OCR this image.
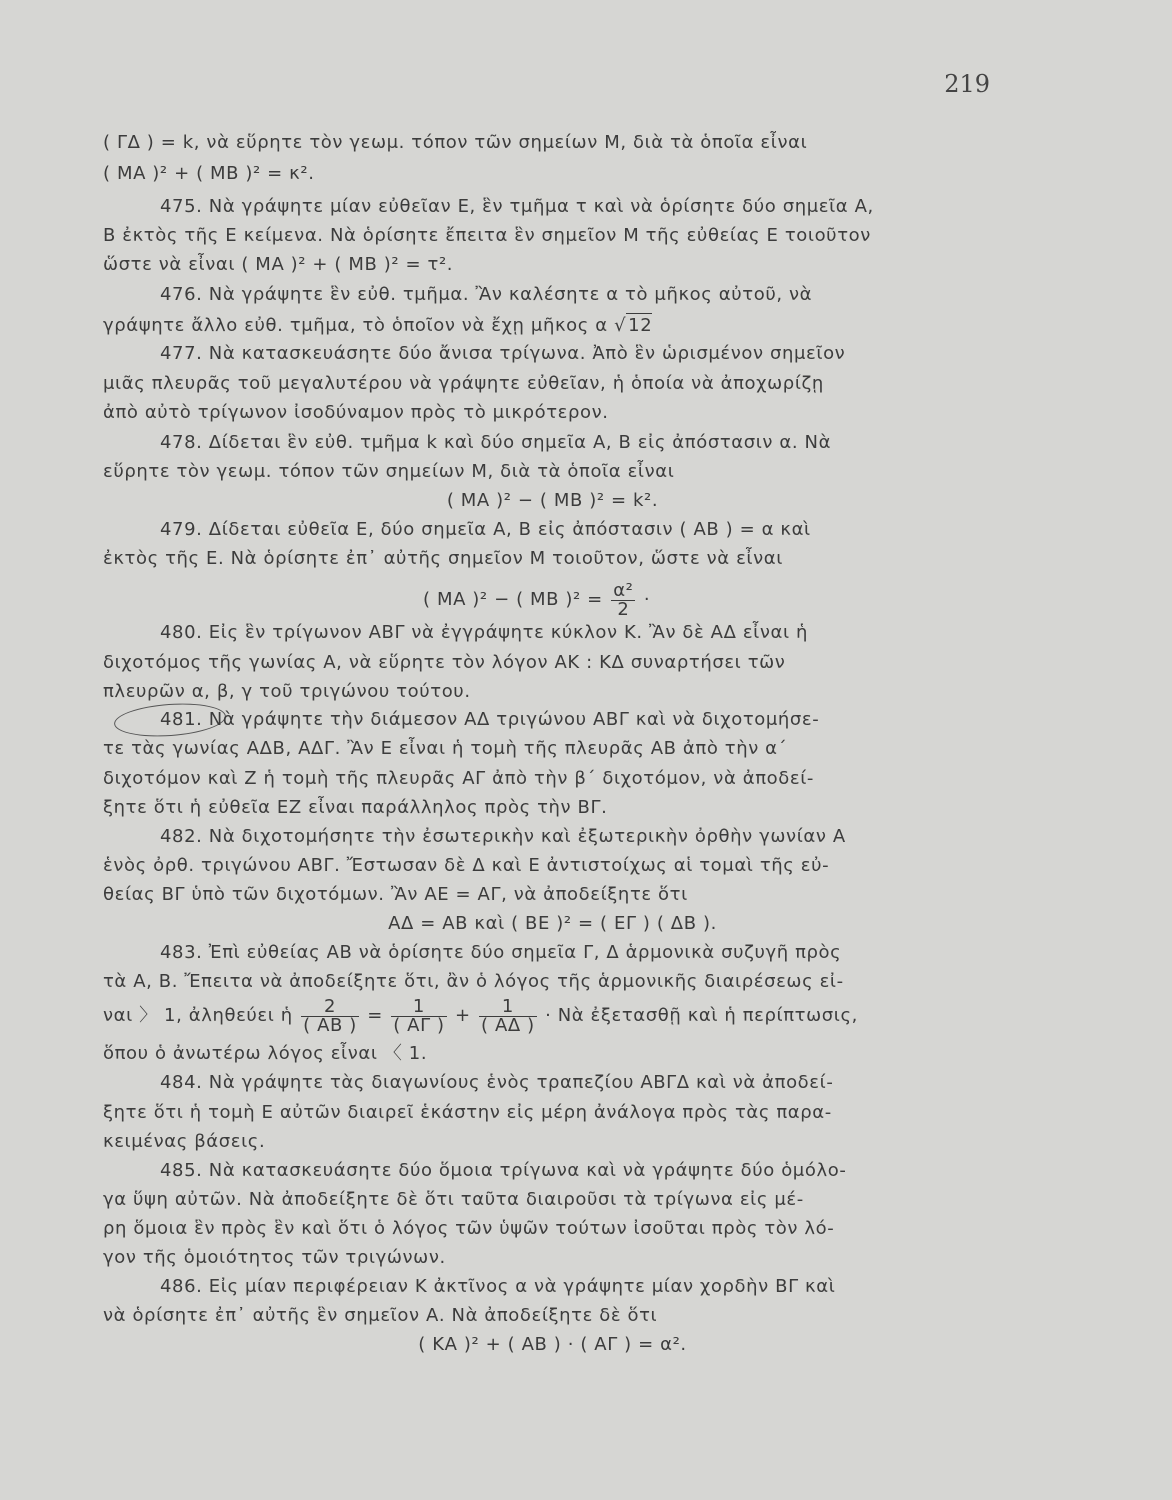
219
( ΓΔ ) = k, νὰ εὕρητε τὸν γεωμ. τόπον τῶν σημείων Μ, διὰ τὰ ὁποῖα εἶναι
( ΜΑ )² + ( ΜΒ )² = κ².
475. Νὰ γράψητε μίαν εὐθεῖαν Ε, ἓν τμῆμα τ καὶ νὰ ὁρίσητε δύο σημεῖα Α,
Β ἐκτὸς τῆς Ε κείμενα. Νὰ ὁρίσητε ἔπειτα ἓν σημεῖον Μ τῆς εὐθείας Ε τοιοῦτον
ὥστε νὰ εἶναι ( ΜΑ )² + ( ΜΒ )² = τ².
476. Νὰ γράψητε ἓν εὐθ. τμῆμα. Ἂν καλέσητε α τὸ μῆκος αὐτοῦ, νὰ
γράψητε ἄλλο εὐθ. τμῆμα, τὸ ὁποῖον νὰ ἔχῃ μῆκος α √ 12
477. Νὰ κατασκευάσητε δύο ἄνισα τρίγωνα. Ἀπὸ ἓν ὡρισμένον σημεῖον
μιᾶς πλευρᾶς τοῦ μεγαλυτέρου νὰ γράψητε εὐθεῖαν, ἡ ὁποία νὰ ἀποχωρίζῃ
ἀπὸ αὐτὸ τρίγωνον ἰσοδύναμον πρὸς τὸ μικρότερον.
478. Δίδεται ἓν εὐθ. τμῆμα k καὶ δύο σημεῖα Α, Β εἰς ἀπόστασιν α. Νὰ
εὕρητε τὸν γεωμ. τόπον τῶν σημείων Μ, διὰ τὰ ὁποῖα εἶναι
( ΜΑ )² − ( ΜΒ )² = k².
479. Δίδεται εὐθεῖα Ε, δύο σημεῖα Α, Β εἰς ἀπόστασιν ( ΑΒ ) = α καὶ
ἐκτὸς τῆς Ε. Νὰ ὁρίσητε ἐπ᾽ αὐτῆς σημεῖον Μ τοιοῦτον, ὥστε νὰ εἶναι
( ΜΑ )² − ( ΜΒ )$^2 = \frac{\text{α²}}{2}$ ·
480. Εἰς ἓν τρίγωνον ΑΒΓ νὰ ἐγγράψητε κύκλον Κ. Ἂν δὲ ΑΔ εἶναι ἡ
διχοτόμος τῆς γωνίας Α, νὰ εὕρητε τὸν λόγον ΑΚ : ΚΔ συναρτήσει τῶν
πλευρῶν α, β, γ τοῦ τριγώνου τούτου.
481. Νὰ γράψητε τὴν διάμεσον ΑΔ τριγώνου ΑΒΓ καὶ νὰ διχοτομήσε-
τε τὰς γωνίας ΑΔΒ, ΑΔΓ. Ἂν Ε εἶναι ἡ τομὴ τῆς πλευρᾶς ΑΒ ἀπὸ τὴν α΄
διχοτόμον καὶ Ζ ἡ τομὴ τῆς πλευρᾶς ΑΓ ἀπὸ τὴν β΄ διχοτόμον, νὰ ἀποδεί-
ξητε ὅτι ἡ εὐθεῖα ΕΖ εἶναι παράλληλος πρὸς τὴν ΒΓ.
482. Νὰ διχοτομήσητε τὴν ἐσωτερικὴν καὶ ἐξωτερικὴν ὀρθὴν γωνίαν Α
ἑνὸς ὀρθ. τριγώνου ΑΒΓ. Ἔστωσαν δὲ Δ καὶ Ε ἀντιστοίχως αἱ τομαὶ τῆς εὐ-
θείας ΒΓ ὑπὸ τῶν διχοτόμων. Ἂν ΑΕ = ΑΓ, νὰ ἀποδείξητε ὅτι
ΑΔ = ΑΒ καὶ ( ΒΕ )² = ( ΕΓ ) ( ΔΒ ).
483. Ἐπὶ εὐθείας ΑΒ νὰ ὁρίσητε δύο σημεῖα Γ, Δ ἁρμονικὰ συζυγῆ πρὸς
τὰ Α, Β. Ἔπειτα νὰ ἀποδείξητε ὅτι, ἂν ὁ λόγος τῆς ἁρμονικῆς διαιρέσεως εἰ-
ναι 〉 1, ἀληθεύει ἡ $\frac{2}{( AB )} = \frac{1}{( A\Gamma )} + \frac{1}{( A\Delta )}$ · Νὰ ἐξετασθῇ καὶ ἡ περίπτωσις,
ὅπου ὁ ἀνωτέρω λόγος εἶναι 〈 1.
484. Νὰ γράψητε τὰς διαγωνίους ἑνὸς τραπεζίου ΑΒΓΔ καὶ νὰ ἀποδεί-
ξητε ὅτι ἡ τομὴ Ε αὐτῶν διαιρεῖ ἑκάστην εἰς μέρη ἀνάλογα πρὸς τὰς παρα-
κειμένας βάσεις.
485. Νὰ κατασκευάσητε δύο ὅμοια τρίγωνα καὶ νὰ γράψητε δύο ὁμόλο-
γα ὕψη αὐτῶν. Νὰ ἀποδείξητε δὲ ὅτι ταῦτα διαιροῦσι τὰ τρίγωνα εἰς μέ-
ρη ὅμοια ἓν πρὸς ἓν καὶ ὅτι ὁ λόγος τῶν ὑψῶν τούτων ἰσοῦται πρὸς τὸν λό-
γον τῆς ὁμοιότητος τῶν τριγώνων.
486. Εἰς μίαν περιφέρειαν Κ ἀκτῖνος α νὰ γράψητε μίαν χορδὴν ΒΓ καὶ
νὰ ὁρίσητε ἐπ᾽ αὐτῆς ἓν σημεῖον Α. Νὰ ἀποδείξητε δὲ ὅτι
( ΚΑ )² + ( ΑΒ ) · ( ΑΓ ) = α².
